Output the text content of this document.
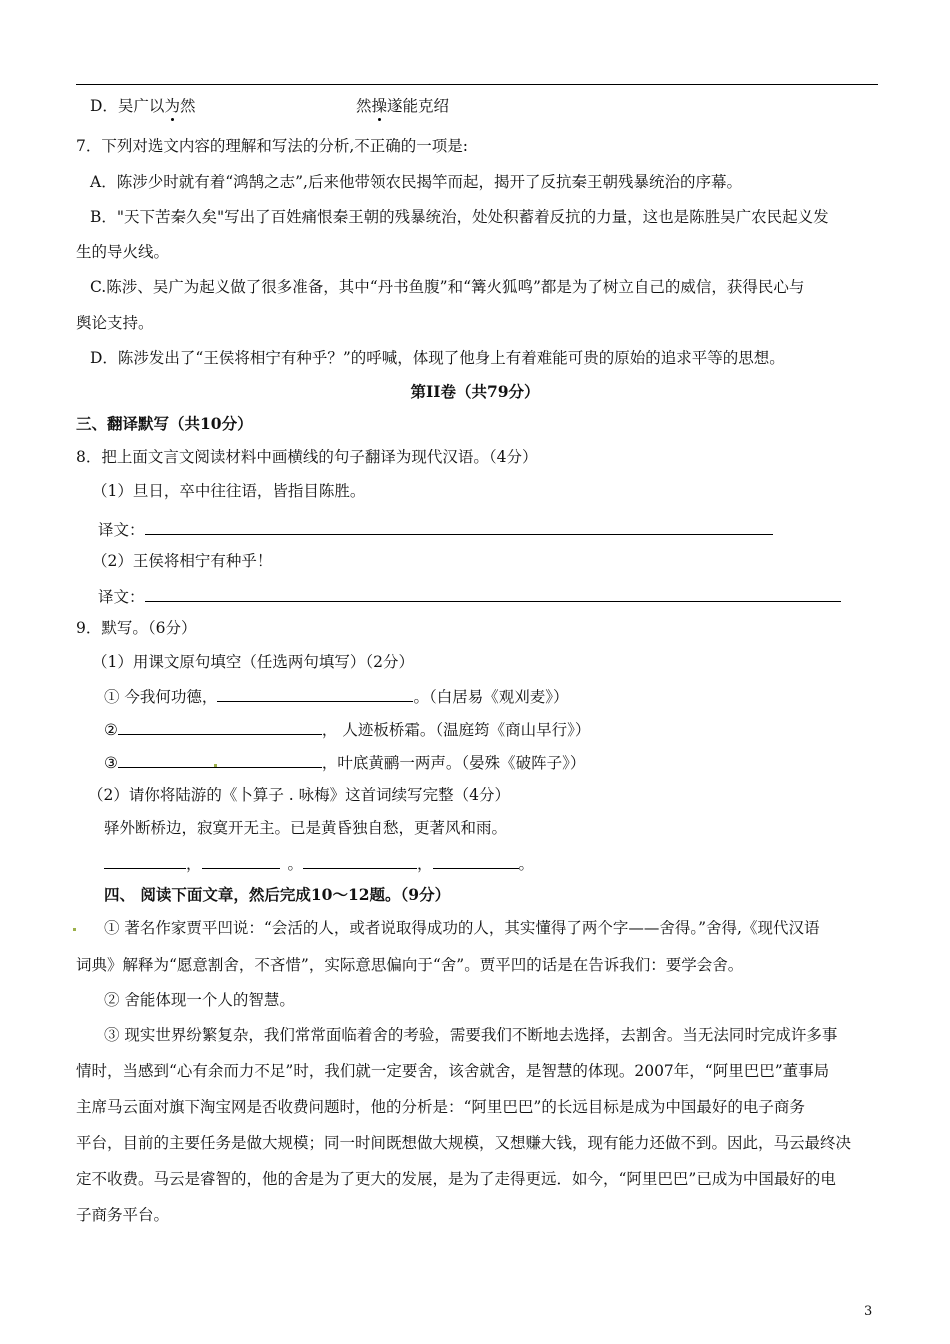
D．吴广以为然	然操遂能克绍
7．下列对选文内容的理解和写法的分析,不正确的一项是:
A．陈涉少时就有着“鸿鹄之志”,后来他带领农民揭竿而起，揭开了反抗秦王朝残暴统治的序幕。
B．"天下苦秦久矣"写出了百姓痛恨秦王朝的残暴统治，处处积蓄着反抗的力量，这也是陈胜吴广农民起义发
生的导火线。
C.陈涉、吴广为起义做了很多准备，其中“丹书鱼腹”和“篝火狐鸣”都是为了树立自己的威信，获得民心与
舆论支持。
D．陈涉发出了“王侯将相宁有种乎？”的呼喊，体现了他身上有着难能可贵的原始的追求平等的思想。
第II卷（共79分）
三、翻译默写（共10分）
8．把上面文言文阅读材料中画横线的句子翻译为现代汉语。（4分）
（1）旦日，卒中往往语，皆指目陈胜。
译文：
（2）王侯将相宁有种乎！
译文：
9．默写。（6分）
（1）用课文原句填空（任选两句填写）（2分）
① 今我何功德，	。（白居易《观刈麦》）
②	， 人迹板桥霜。（温庭筠《商山早行》）
③	，叶底黄鹂一两声。（晏殊《破阵子》）
（2）请你将陆游的《卜算子 . 咏梅》这首词续写完整（4分）
驿外断桥边，寂寞开无主。已是黄昏独自愁，更著风和雨。
，	。	，	。
四、 阅读下面文章，然后完成10～12题。（9分）
① 著名作家贾平凹说：“会活的人，或者说取得成功的人，其实懂得了两个字——舍得。”舍得,《现代汉语
词典》解释为“愿意割舍，不吝惜”，实际意思偏向于“舍”。贾平凹的话是在告诉我们：要学会舍。
② 舍能体现一个人的智慧。
③ 现实世界纷繁复杂，我们常常面临着舍的考验，需要我们不断地去选择，去割舍。当无法同时完成许多事
情时，当感到“心有余而力不足”时，我们就一定要舍，该舍就舍，是智慧的体现。2007年，“阿里巴巴”董事局
主席马云面对旗下淘宝网是否收费问题时，他的分析是：“阿里巴巴”的长远目标是成为中国最好的电子商务
平台，目前的主要任务是做大规模；同一时间既想做大规模，又想赚大钱，现有能力还做不到。因此，马云最终决
定不收费。马云是睿智的，他的舍是为了更大的发展，是为了走得更远．如今，“阿里巴巴”已成为中国最好的电
子商务平台。
3
